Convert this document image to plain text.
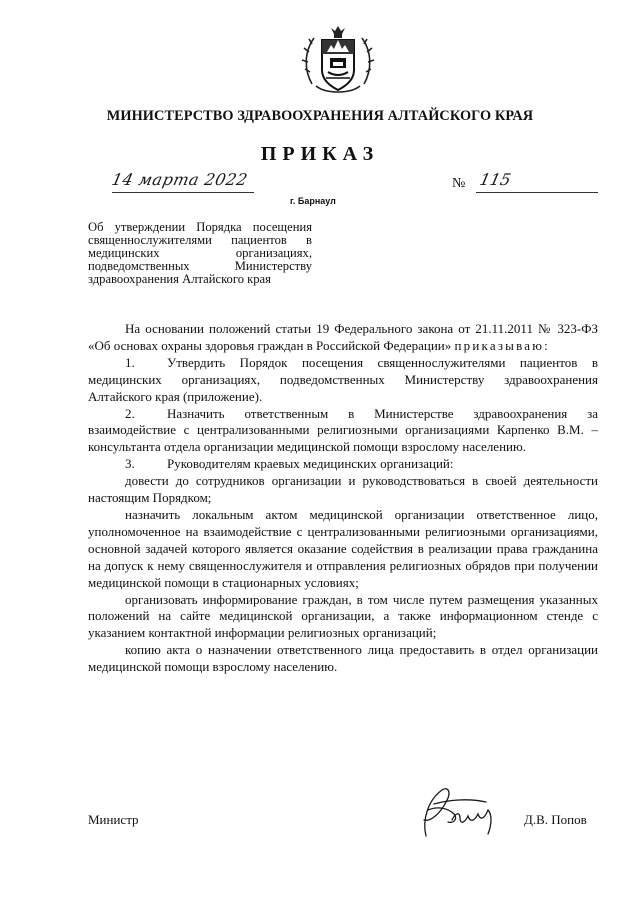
МИНИСТЕРСТВО ЗДРАВООХРАНЕНИЯ АЛТАЙСКОГО КРАЯ
ПРИКАЗ
14 марта 2022
г. Барнаул
№ 115
Об утверждении Порядка посещения священнослужителями пациентов в медицинских организациях, подведомственных Министерству здравоохранения Алтайского края

На основании положений статьи 19 Федерального закона от 21.11.2011 № 323-ФЗ «Об основах охраны здоровья граждан в Российской Федерации» приказываю:

1. Утвердить Порядок посещения священнослужителями пациентов в медицинских организациях, подведомственных Министерству здравоохранения Алтайского края (приложение).

2. Назначить ответственным в Министерстве здравоохранения за взаимодействие с централизованными религиозными организациями Карпенко В.М. – консультанта отдела организации медицинской помощи взрослому населению.

3. Руководителям краевых медицинских организаций:

довести до сотрудников организации и руководствоваться в своей деятельности настоящим Порядком;

назначить локальным актом медицинской организации ответственное лицо, уполномоченное на взаимодействие с централизованными религиозными организациями, основной задачей которого является оказание содействия в реализации права гражданина на допуск к нему священнослужителя и отправления религиозных обрядов при получении медицинской помощи в стационарных условиях;

организовать информирование граждан, в том числе путем размещения указанных положений на сайте медицинской организации, а также информационном стенде с указанием контактной информации религиозных организаций;

копию акта о назначении ответственного лица предоставить в отдел организации медицинской помощи взрослому населению.

Министр	Д.В. Попов
